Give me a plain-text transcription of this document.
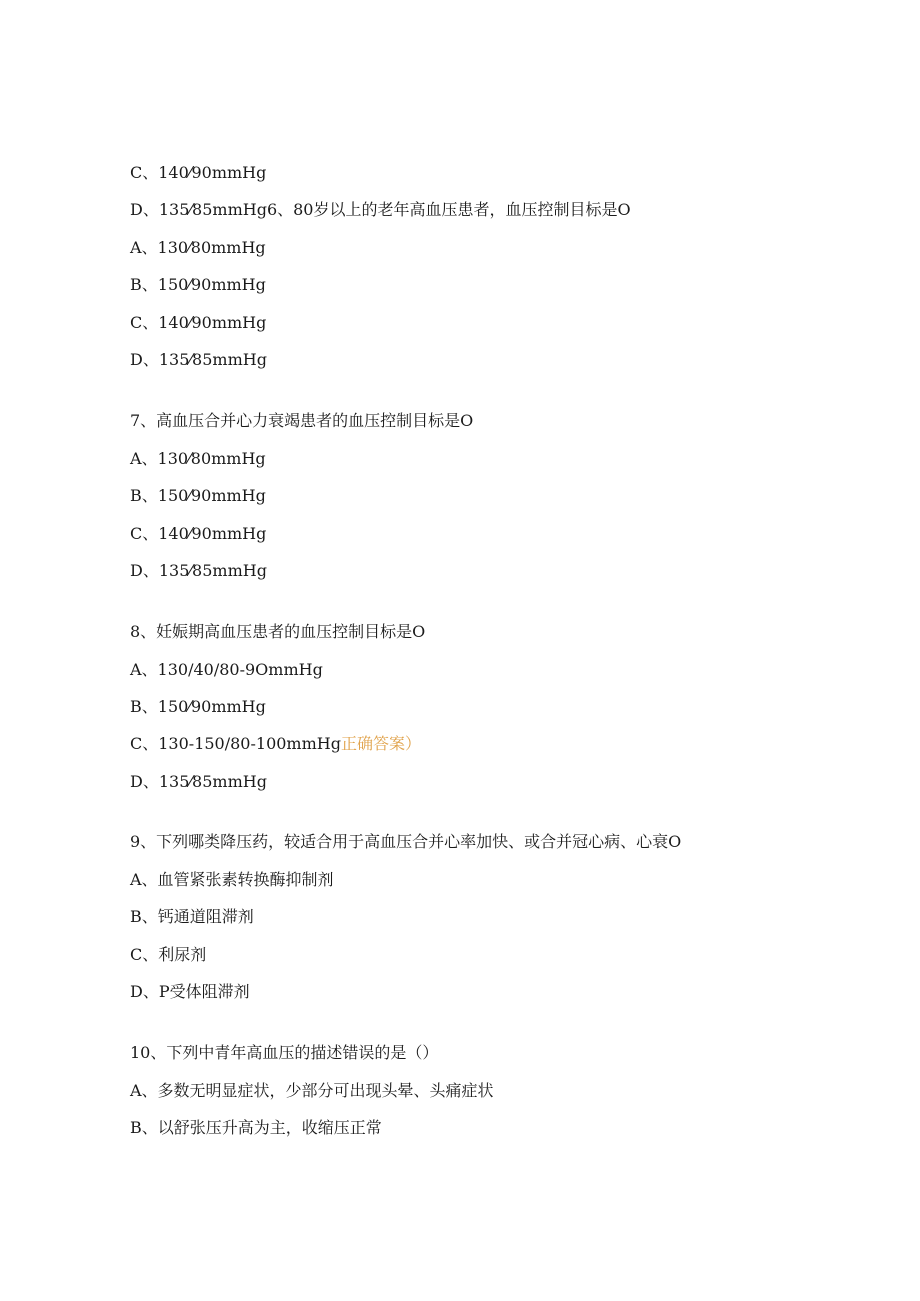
C、140⁄90mmHg
D、135⁄85mmHg6、80岁以上的老年高血压患者，血压控制目标是O
A、130⁄80mmHg
B、150⁄90mmHg
C、140⁄90mmHg
D、135⁄85mmHg
7、高血压合并心力衰竭患者的血压控制目标是O
A、130⁄80mmHg
B、150⁄90mmHg
C、140⁄90mmHg
D、135⁄85mmHg
8、妊娠期高血压患者的血压控制目标是O
A、130/40/80-9OmmHg
B、150⁄90mmHg
C、130-150/80-100mmHg正确答案）
D、135⁄85mmHg
9、下列哪类降压药，较适合用于高血压合并心率加快、或合并冠心病、心衰O
A、血管紧张素转换酶抑制剂
B、钙通道阻滞剂
C、利尿剂
D、P受体阻滞剂
10、下列中青年高血压的描述错误的是（）
A、多数无明显症状，少部分可出现头晕、头痛症状
B、以舒张压升高为主，收缩压正常
